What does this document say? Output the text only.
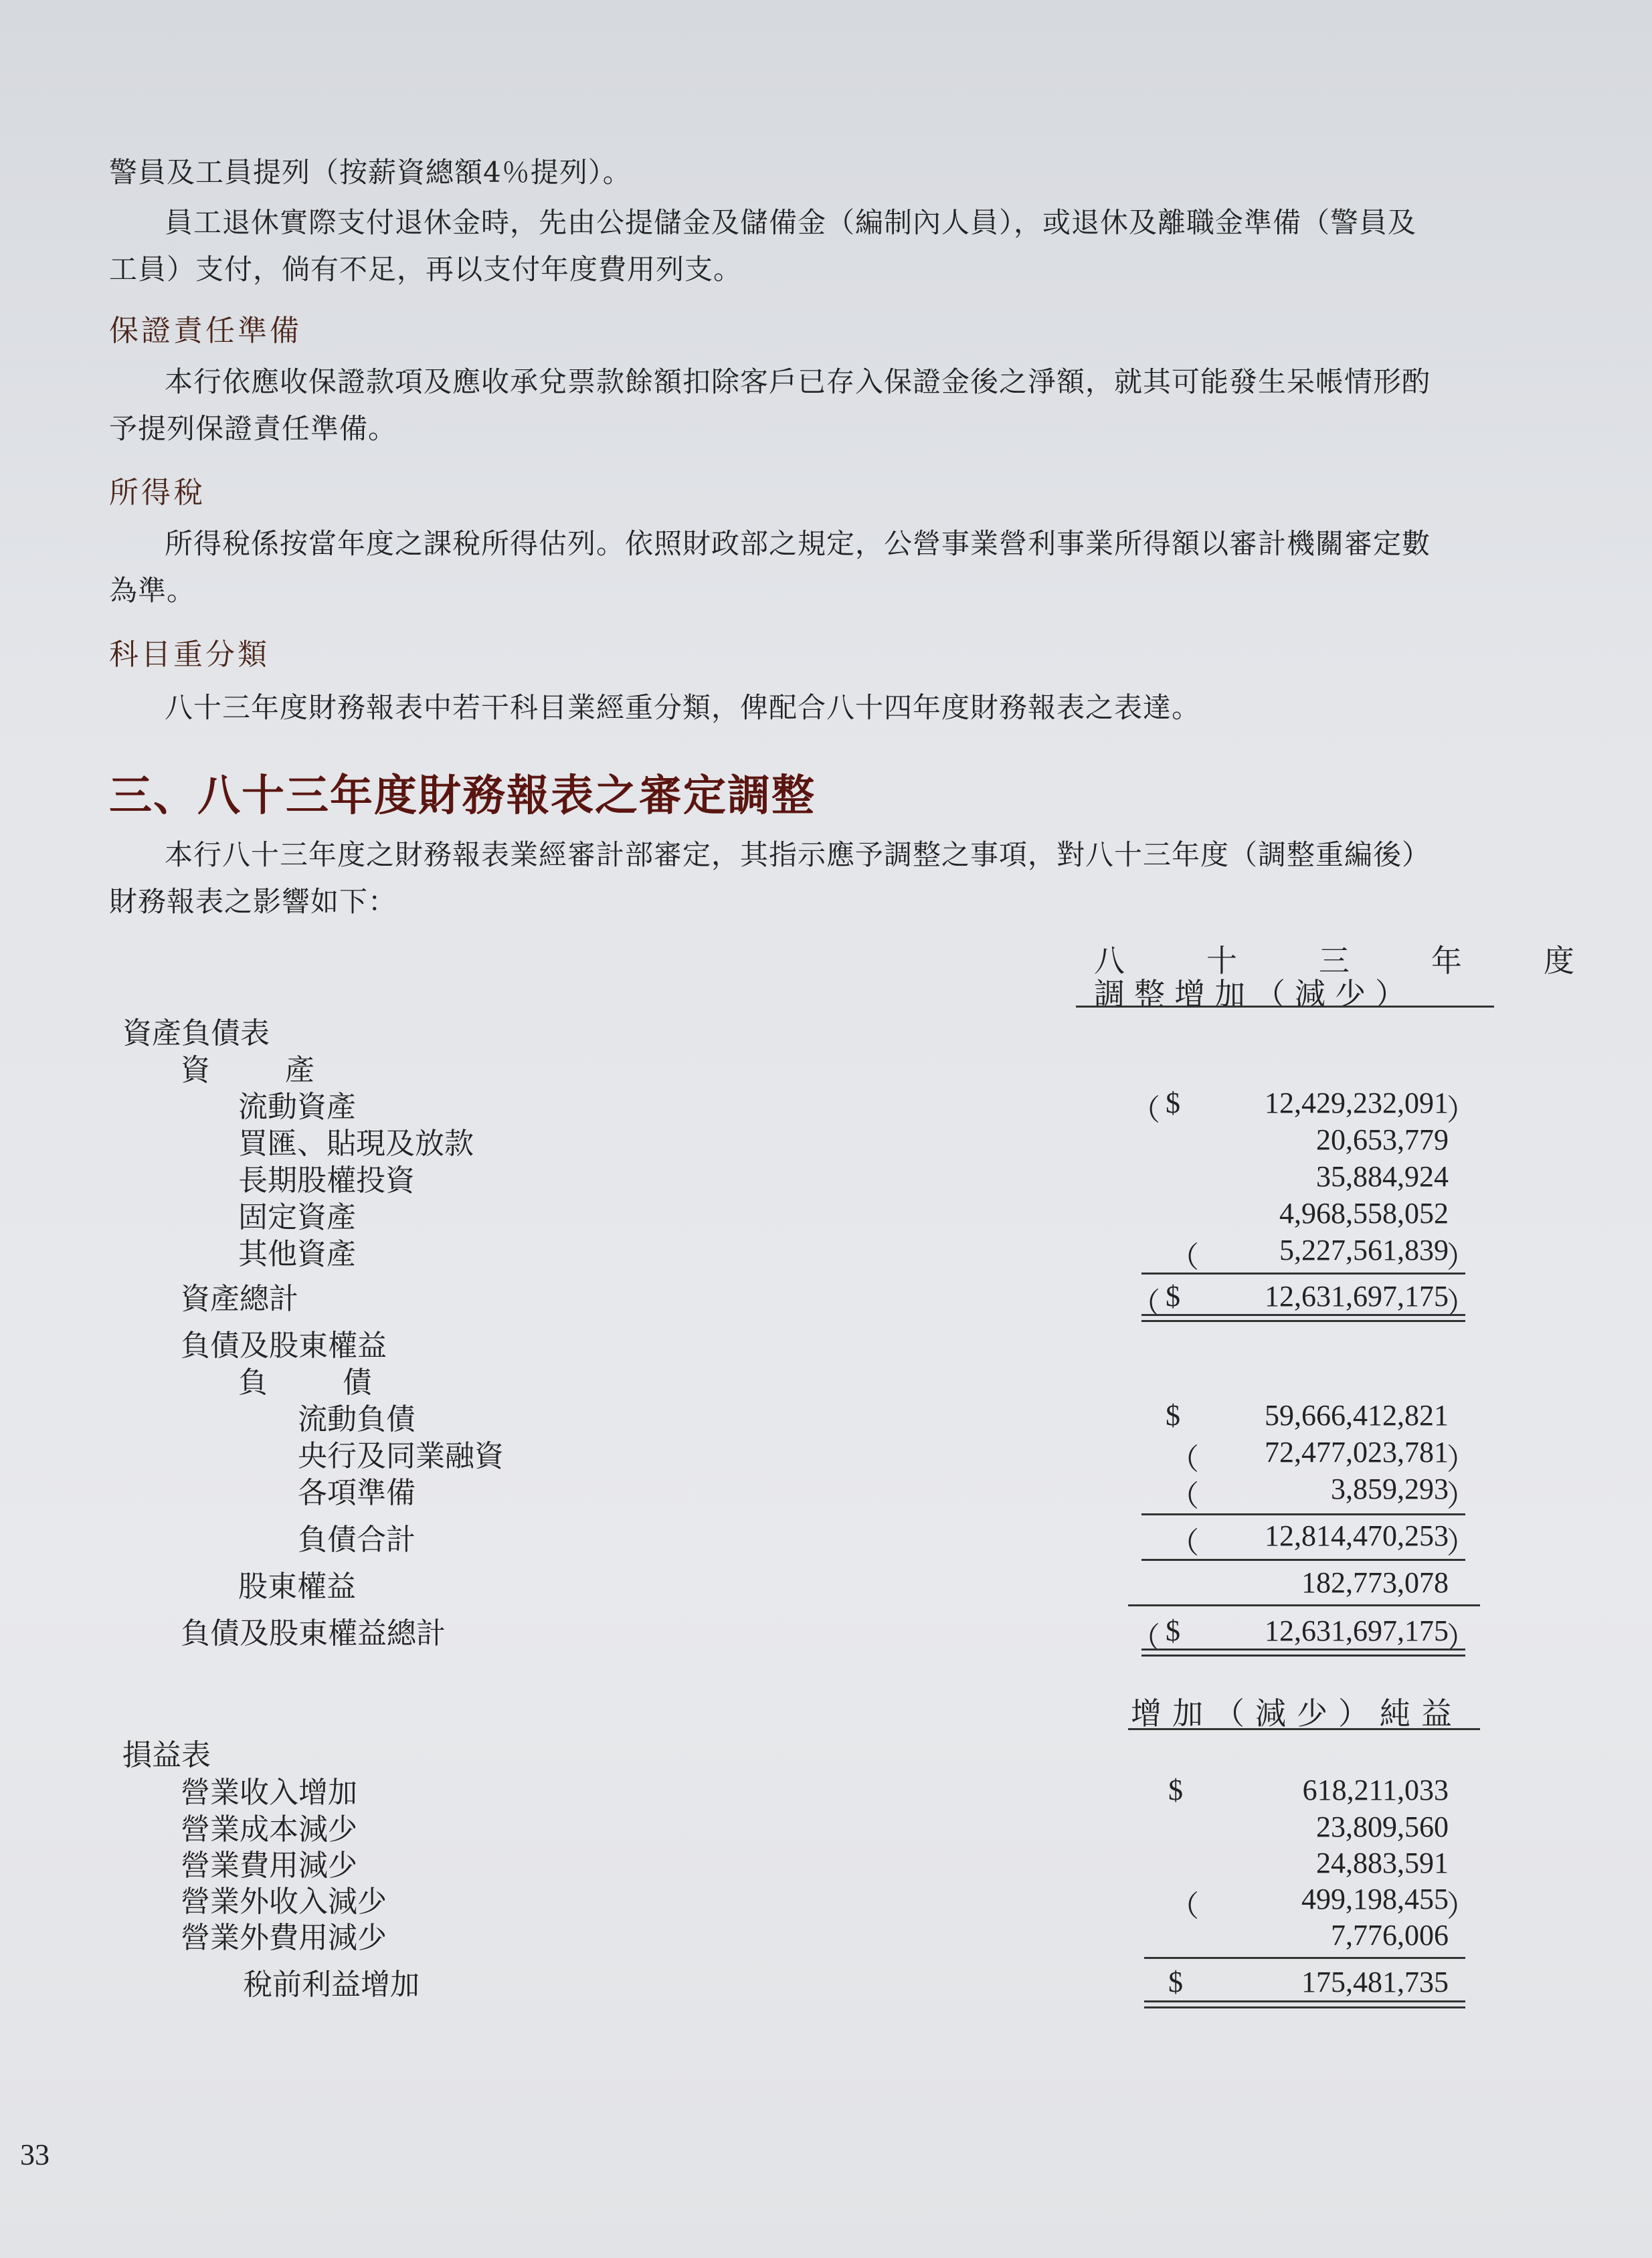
警員及工員提列（按薪資總額4％提列）。
員工退休實際支付退休金時，先由公提儲金及儲備金（編制內人員），或退休及離職金準備（警員及
工員）支付，倘有不足，再以支付年度費用列支。
保證責任準備
本行依應收保證款項及應收承兌票款餘額扣除客戶已存入保證金後之淨額，就其可能發生呆帳情形酌
予提列保證責任準備。
所得稅
所得稅係按當年度之課稅所得估列。依照財政部之規定，公營事業營利事業所得額以審計機關審定數
為準。
科目重分類
八十三年度財務報表中若干科目業經重分類，俾配合八十四年度財務報表之表達。
三、八十三年度財務報表之審定調整
本行八十三年度之財務報表業經審計部審定，其指示應予調整之事項，對八十三年度（調整重編後）
財務報表之影響如下：
八　十　三　年　度
調整增加（減少）
資產負債表
資　　產
流動資產	（ $	12,429,232,091
）
買匯、貼現及放款	20,653,779
長期股權投資	35,884,924
固定資產	4,968,558,052
其他資產	（	5,227,561,839
）
資產總計	（ $	12,631,697,175
）
負債及股東權益
負　　債
流動負債	$	59,666,412,821
央行及同業融資	（	72,477,023,781
）
各項準備	（	3,859,293
）
負債合計	（	12,814,470,253
）
股東權益	182,773,078
負債及股東權益總計	（ $	12,631,697,175
）
增加（減少）純益
損益表
營業收入增加	$	618,211,033
營業成本減少	23,809,560
營業費用減少	24,883,591
營業外收入減少	（	499,198,455
）
營業外費用減少	7,776,006
稅前利益增加	$	175,481,735
33
